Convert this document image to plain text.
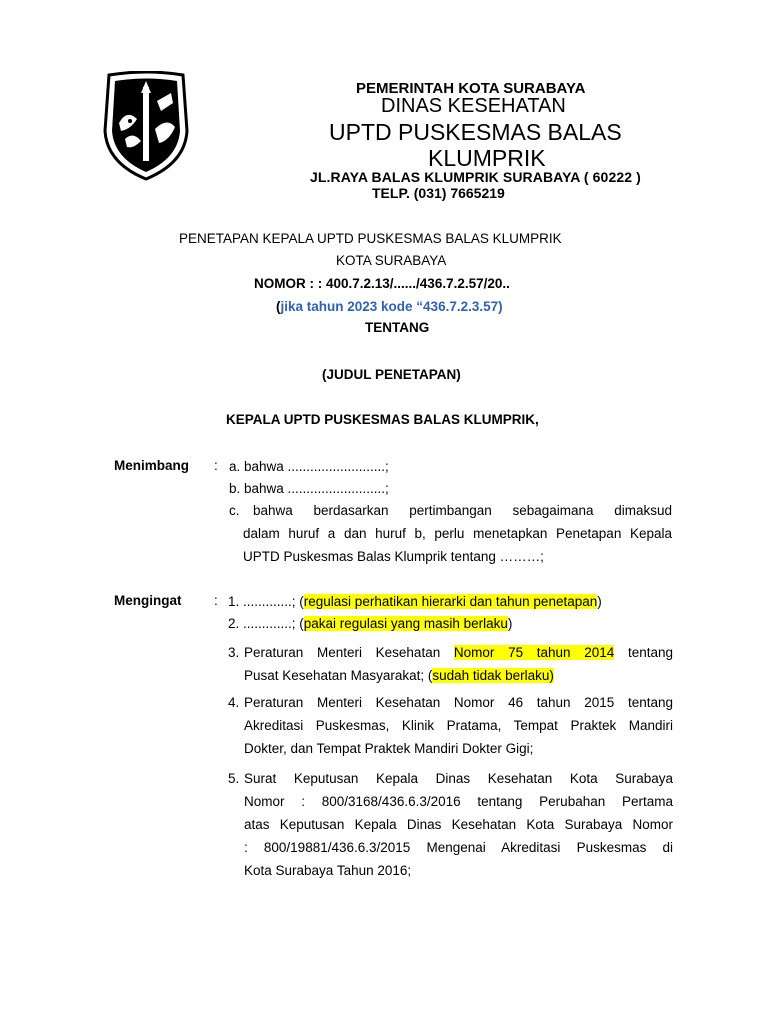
PEMERINTAH KOTA SURABAYA
DINAS KESEHATAN
UPTD PUSKESMAS BALAS
KLUMPRIK
JL.RAYA BALAS KLUMPRIK SURABAYA ( 60222 )
TELP. (031) 7665219
PENETAPAN KEPALA UPTD PUSKESMAS BALAS KLUMPRIK
KOTA SURABAYA
NOMOR : : 400.7.2.13/....../436.7.2.57/20..
(jika tahun 2023 kode “436.7.2.3.57)
TENTANG
(JUDUL PENETAPAN)
KEPALA UPTD PUSKESMAS BALAS KLUMPRIK,
Menimbang : a. bahwa ..........................;
b. bahwa ..........................;
c. bahwa berdasarkan pertimbangan sebagaimana dimaksud
dalam huruf a dan huruf b, perlu menetapkan Penetapan Kepala
UPTD Puskesmas Balas Klumprik tentang ………;
Mengingat : 1. .............; (regulasi perhatikan hierarki dan tahun penetapan)
2. .............; (pakai regulasi yang masih berlaku)
3. Peraturan Menteri Kesehatan Nomor 75 tahun 2014 tentang
Pusat Kesehatan Masyarakat; (sudah tidak berlaku)
4. Peraturan Menteri Kesehatan Nomor 46 tahun 2015 tentang
Akreditasi Puskesmas, Klinik Pratama, Tempat Praktek Mandiri
Dokter, dan Tempat Praktek Mandiri Dokter Gigi;
5. Surat Keputusan Kepala Dinas Kesehatan Kota Surabaya
Nomor : 800/3168/436.6.3/2016 tentang Perubahan Pertama
atas Keputusan Kepala Dinas Kesehatan Kota Surabaya Nomor
: 800/19881/436.6.3/2015 Mengenai Akreditasi Puskesmas di
Kota Surabaya Tahun 2016;
